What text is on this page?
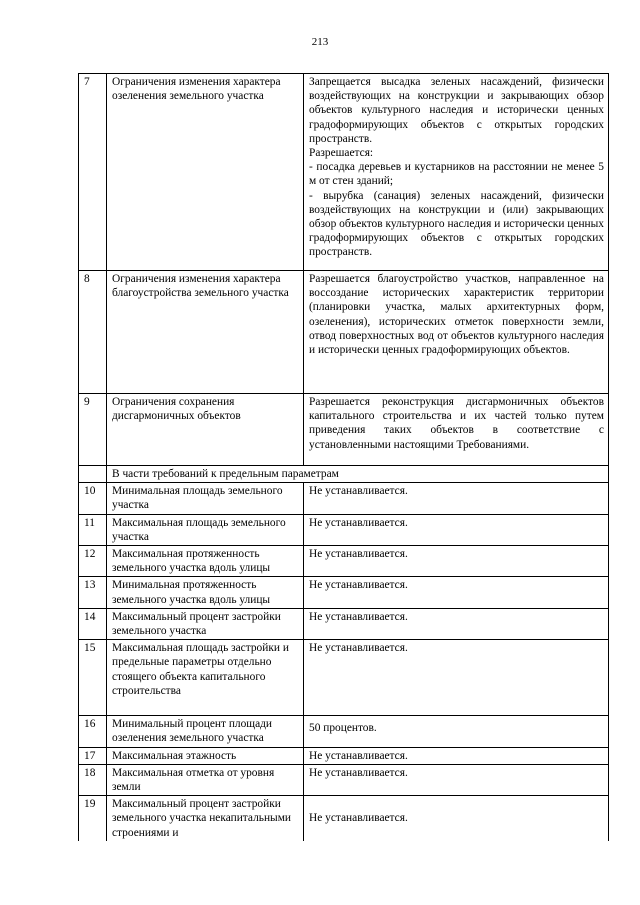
213
7	Ограничения изменения характера озеленения земельного участка	Запрещается высадка зеленых насаждений, физически воздействующих на конструкции и закрывающих обзор объектов культурного наследия и исторически ценных градоформирующих объектов с открытых городских пространств.
Разрешается:
- посадка деревьев и кустарников на расстоянии не менее 5 м от стен зданий;
- вырубка (санация) зеленых насаждений, физически воздействующих на конструкции и (или) закрывающих обзор объектов культурного наследия и исторически ценных градоформирующих объектов с открытых городских пространств.

8	Ограничения изменения характера благоустройства земельного участка	Разрешается благоустройство участков, направленное на воссоздание исторических характеристик территории (планировки участка, малых архитектурных форм, озеленения), исторических отметок поверхности земли, отвод поверхностных вод от объектов культурного наследия и исторически ценных градоформирующих объектов.

9	Ограничения сохранения дисгармоничных объектов	Разрешается реконструкция дисгармоничных объектов капитального строительства и их частей только путем приведения таких объектов в соответствие с установленными настоящими Требованиями.

	В части требований к предельным параметрам	
10	Минимальная площадь земельного участка	Не устанавливается.
11	Максимальная площадь земельного участка	Не устанавливается.
12	Максимальная протяженность земельного участка вдоль улицы	Не устанавливается.
13	Минимальная протяженность земельного участка вдоль улицы	Не устанавливается.
14	Максимальный процент застройки земельного участка	Не устанавливается.
15	Максимальная площадь застройки и предельные параметры отдельно стоящего объекта капитального строительства	Не устанавливается.
16	Минимальный процент площади озеленения земельного участка	50 процентов.
17	Максимальная этажность	Не устанавливается.
18	Максимальная отметка от уровня земли	Не устанавливается.
19	Максимальный процент застройки земельного участка некапитальными строениями и	Не устанавливается.
